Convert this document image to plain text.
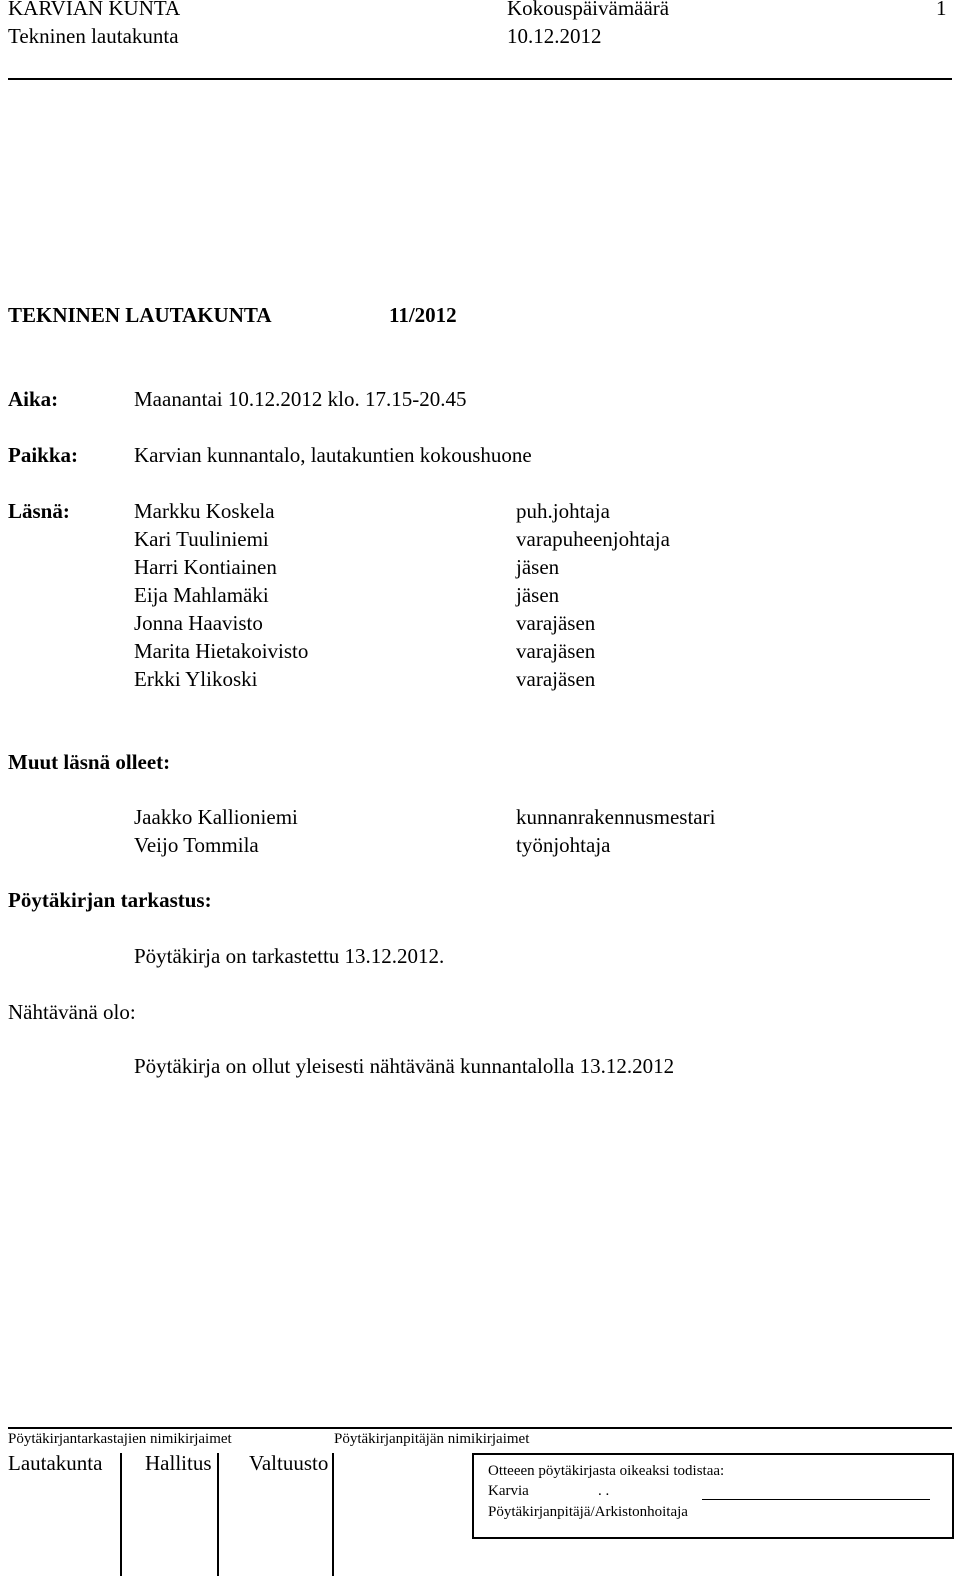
KARVIAN KUNTA
Tekninen lautakunta
Kokouspäivämäärä
10.12.2012
1
TEKNINEN LAUTAKUNTA	11/2012
Aika:	Maanantai 10.12.2012 klo. 17.15-20.45
Paikka:	Karvian kunnantalo, lautakuntien kokoushuone
Läsnä:	Markku Koskela	puh.johtaja
Kari Tuuliniemi	varapuheenjohtaja
Harri Kontiainen	jäsen
Eija Mahlamäki	jäsen
Jonna Haavisto	varajäsen
Marita Hietakoivisto	varajäsen
Erkki Ylikoski	varajäsen
Muut läsnä olleet:
Jaakko Kallioniemi	kunnanrakennusmestari
Veijo Tommila	työnjohtaja
Pöytäkirjan tarkastus:
Pöytäkirja on tarkastettu 13.12.2012.
Nähtävänä olo:
Pöytäkirja on ollut yleisesti nähtävänä kunnantalolla 13.12.2012
Pöytäkirjantarkastajien nimikirjaimet	Pöytäkirjanpitäjän nimikirjaimet
Lautakunta Hallitus Valtuusto	Otteeen pöytäkirjasta oikeaksi todistaa:
Karvia	. .
Pöytäkirjanpitäjä/Arkistonhoitaja
